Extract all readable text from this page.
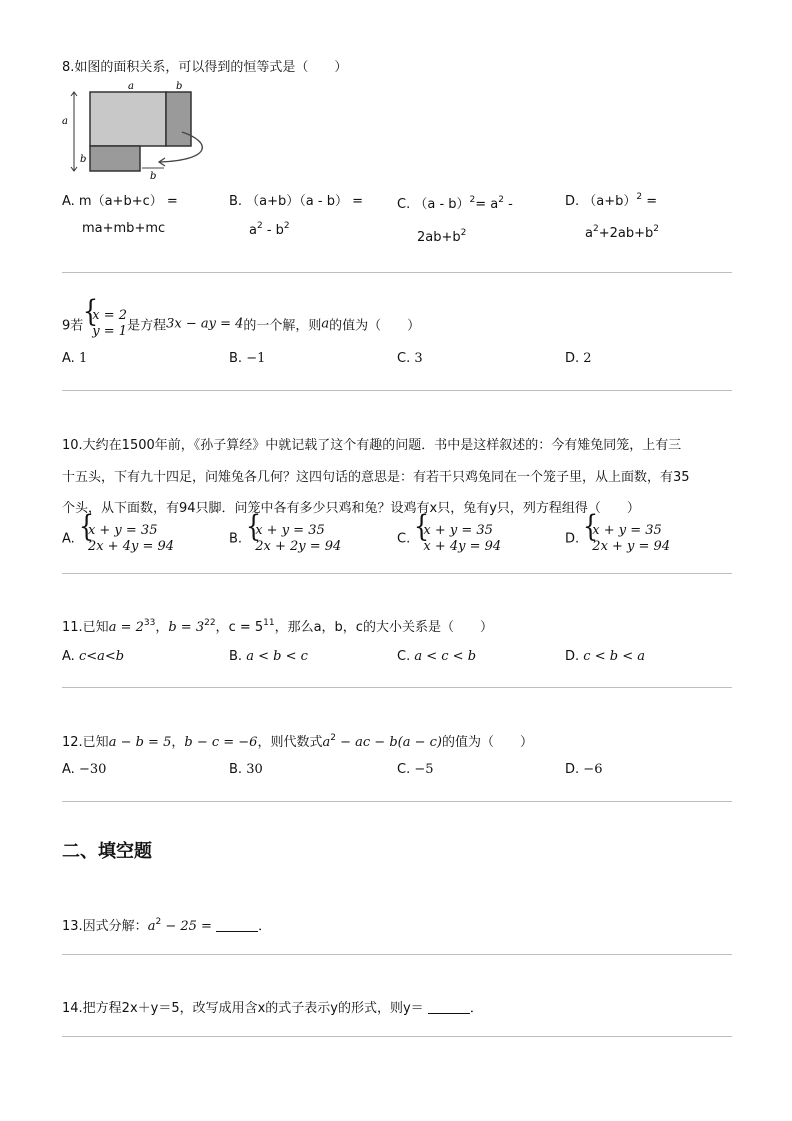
8.如图的面积关系，可以得到的恒等式是（　　）
a	b
a
b
b
A. m（a+b+c） =
ma+mb+mc
B. （a+b）（a - b） =
$a^2 - b^2$
C. $(a - b)^2= a^2$ -
$2ab+b^2$
D. $(a+b)^2$ =
$a^2+2ab+b^2$
9若
{ x = 2
y = 1 是方程3x − ay = 4的一个解，则a的值为（　　）
A. 1	B. −1	C. 3	D. 2
10.大约在1500年前，《孙子算经》中就记载了这个有趣的问题．书中是这样叙述的：今有雉兔同笼，上有三
十五头，下有九十四足，问雉兔各几何？这四句话的意思是：有若干只鸡兔同在一个笼子里，从上面数，有35
个头，从下面数，有94只脚．问笼中各有多少只鸡和兔？设鸡有x只，兔有y只，列方程组得（　　）
A.
{ x + y = 35
2x + 4y = 94	B.
{ x + y = 35
2x + 2y = 94	C.
{ x + y = 35
x + 4y = 94	D.
{ x + y = 35
2x + y = 94
11.已知$a = 2^{33}$，$b = 3^{22}$，$c = 5^{11}$，那么a，b，c的大小关系是（　　）
A. c<a<b	B. a < b < c	C. a < c < b	D. c < b < a
12.已知a − b = 5，b − c = −6，则代数式$a^2$ − ac − b(a − c)的值为（　　）
A. −30	B. 30	C. −5	D. −6
二、填空题
13.因式分解：$a^2 - 25$ =	．
14.把方程2x＋y＝5，改写成用含x的式子表示y的形式，则y＝	．
